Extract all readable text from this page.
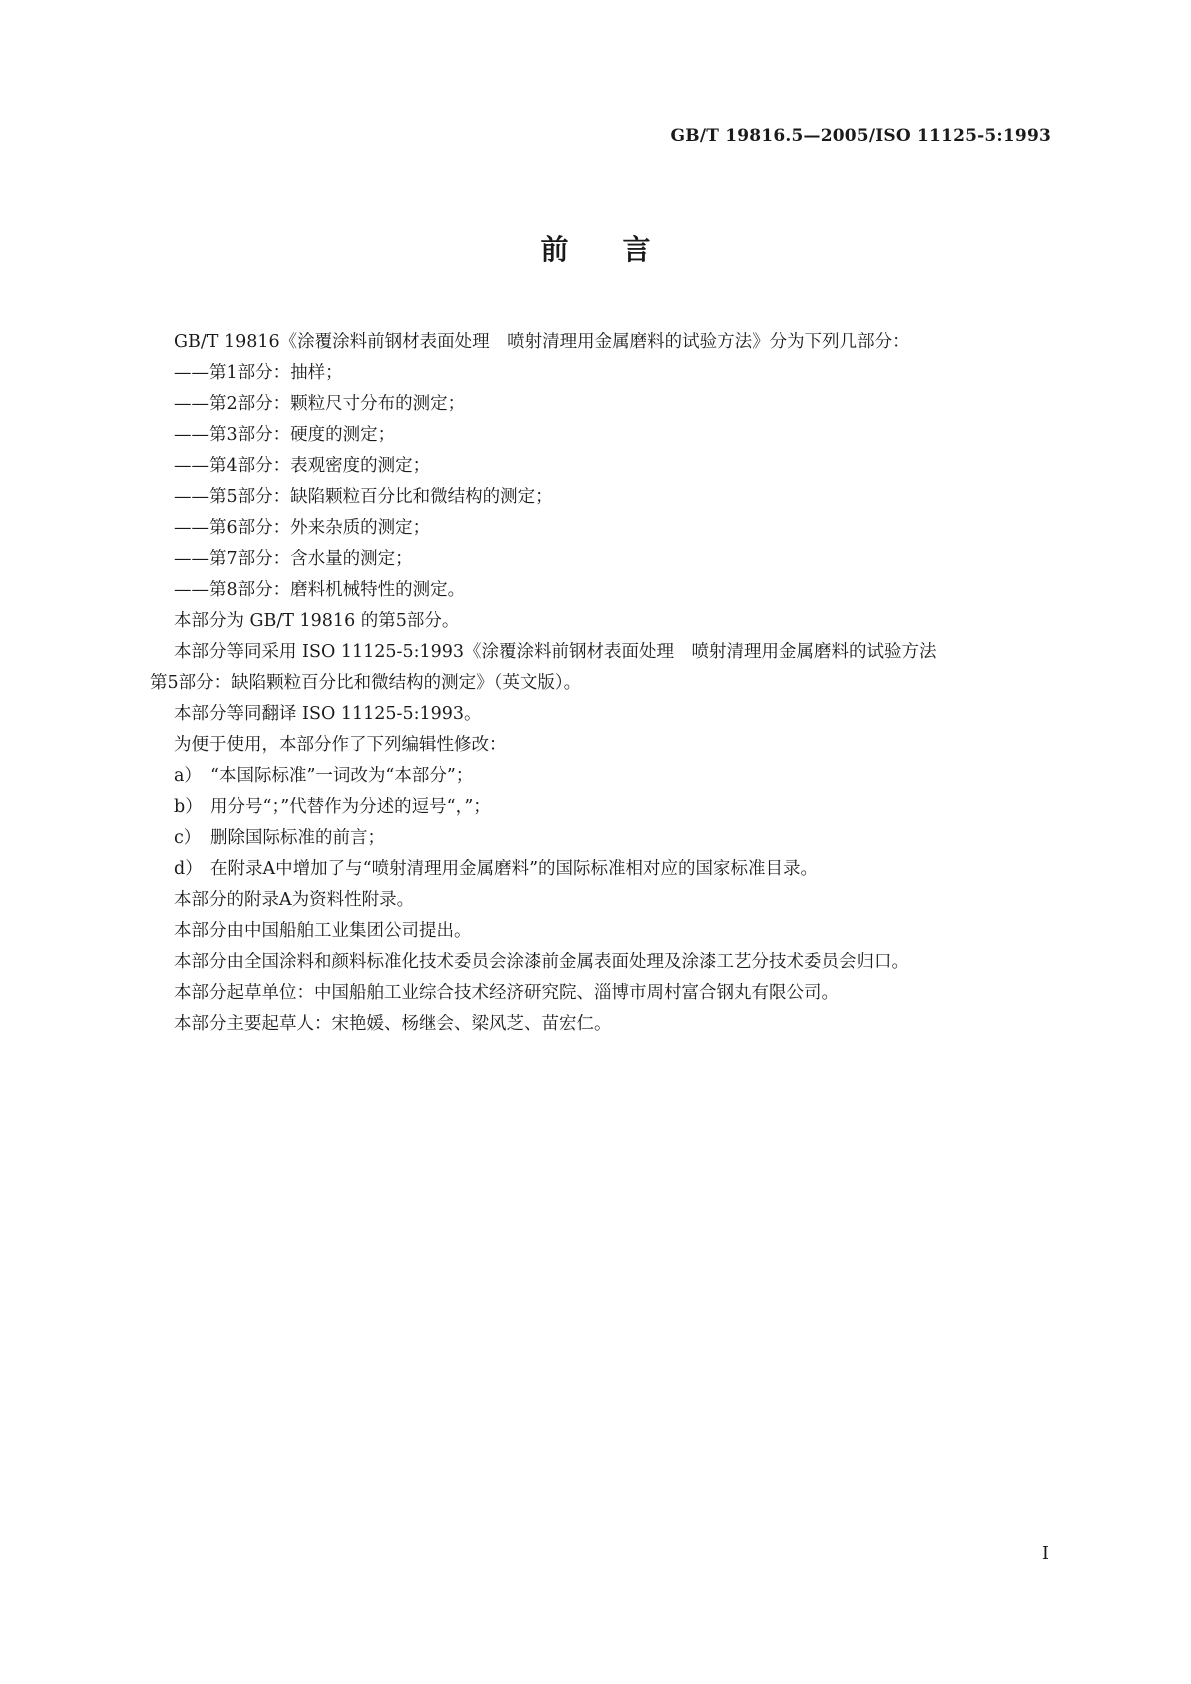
GB/T 19816.5—2005/ISO 11125-5:1993
前言

GB/T 19816《涂覆涂料前钢材表面处理　喷射清理用金属磨料的试验方法》分为下列几部分：

——第1部分：抽样；

——第2部分：颗粒尺寸分布的测定；

——第3部分：硬度的测定；

——第4部分：表观密度的测定；

——第5部分：缺陷颗粒百分比和微结构的测定；

——第6部分：外来杂质的测定；

——第7部分：含水量的测定；

——第8部分：磨料机械特性的测定。

本部分为 GB/T 19816 的第5部分。

本部分等同采用 ISO 11125-5:1993《涂覆涂料前钢材表面处理　喷射清理用金属磨料的试验方法

第5部分：缺陷颗粒百分比和微结构的测定》（英文版）。

本部分等同翻译 ISO 11125-5:1993。

为便于使用，本部分作了下列编辑性修改：

a） “本国际标准”一词改为“本部分”；

b） 用分号“；”代替作为分述的逗号“，”；

c） 删除国际标准的前言；

d） 在附录A中增加了与“喷射清理用金属磨料”的国际标准相对应的国家标准目录。

本部分的附录A为资料性附录。

本部分由中国船舶工业集团公司提出。

本部分由全国涂料和颜料标准化技术委员会涂漆前金属表面处理及涂漆工艺分技术委员会归口。

本部分起草单位：中国船舶工业综合技术经济研究院、淄博市周村富合钢丸有限公司。

本部分主要起草人：宋艳媛、杨继会、梁风芝、苗宏仁。

I
